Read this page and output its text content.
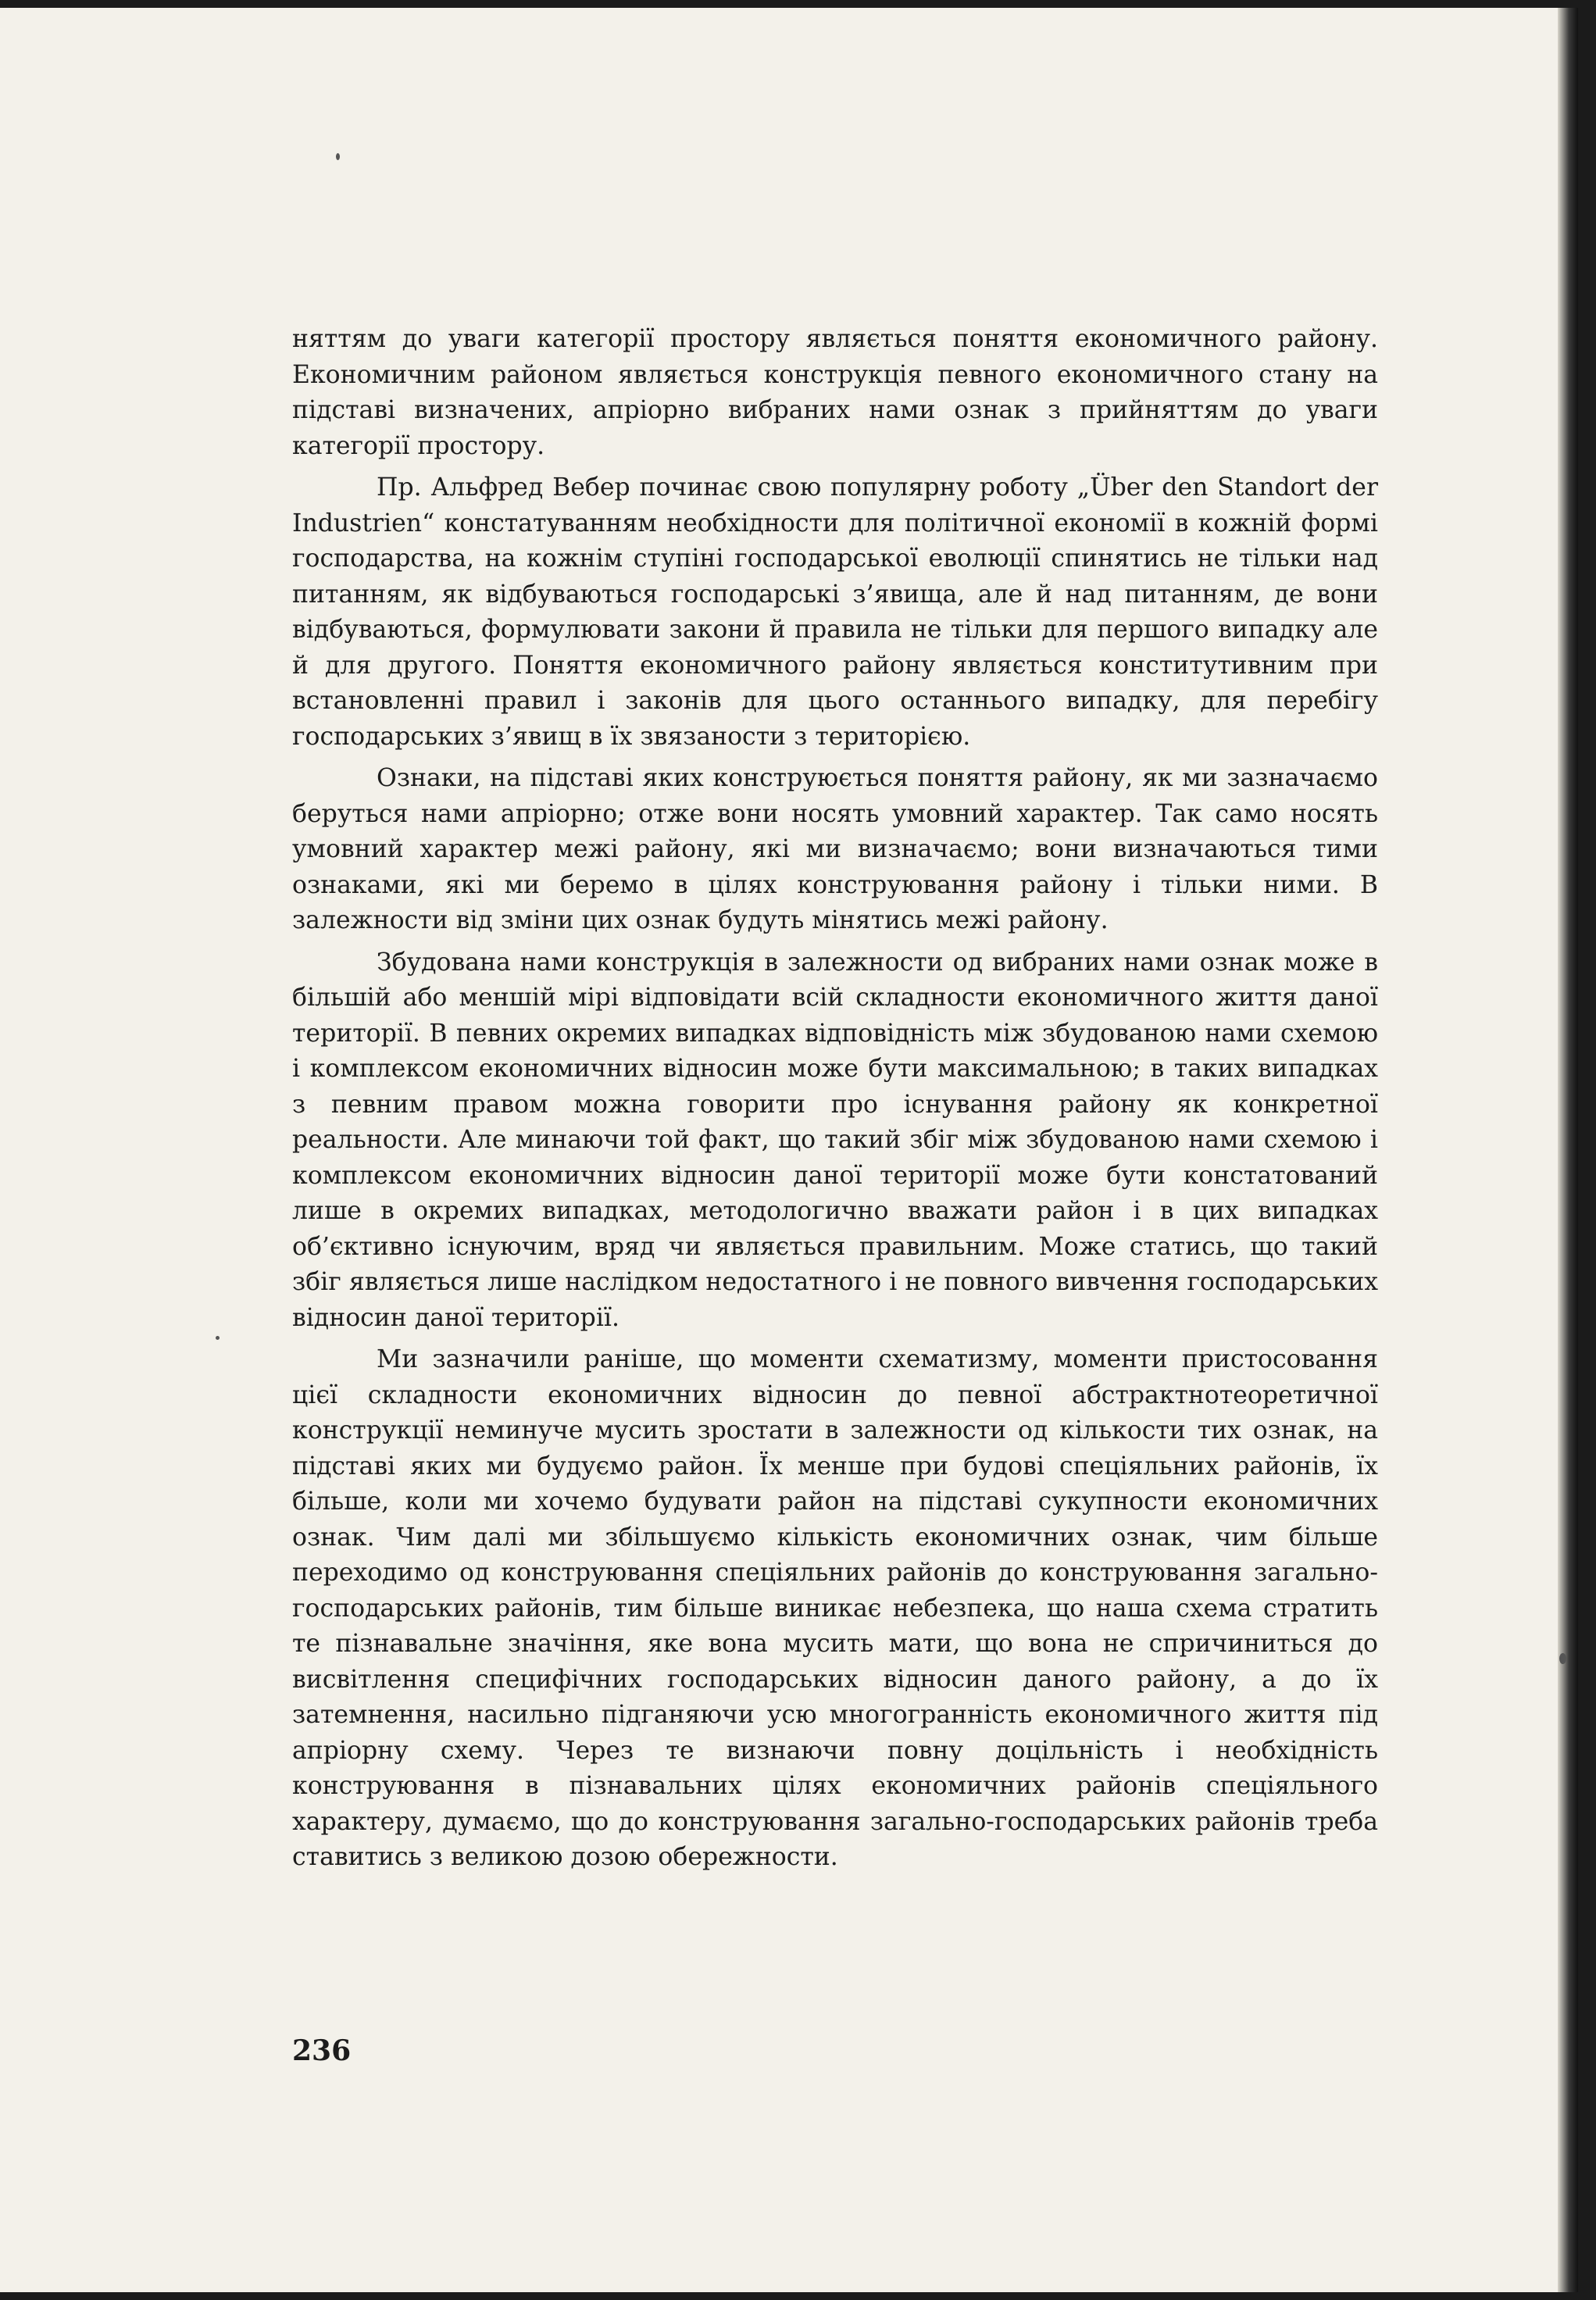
няттям до уваги категорії простору являється поняття економичного району. Економичним районом являється конструкція певного економичного стану на підставі визначених, апріорно вибраних нами ознак з прийняттям до уваги категорії простору.

Пр. Альфред Вебер починає свою популярну роботу „Über den Standort der Industrien“ констатуванням необхідности для політичної економії в кожній формі господарства, на кожнім ступіні господарської еволюції спинятись не тільки над питанням, як відбуваються господарські з’явища, але й над питанням, де вони відбуваються, формулювати закони й правила не тільки для першого випадку але й для другого. Поняття економичного району являється конститутивним при встановленні правил і законів для цього останнього випадку, для перебігу господарських з’явищ в їх звязаности з територією.

Ознаки, на підставі яких конструюється поняття району, як ми зазначаємо беруться нами апріорно; отже вони носять умовний характер. Так само носять умовний характер межі району, які ми визначаємо; вони визначаються тими ознаками, які ми беремо в цілях конструювання району і тільки ними. В залежности від зміни цих ознак будуть мінятись межі району.

Збудована нами конструкція в залежности од вибраних нами ознак може в більшій або меншій мірі відповідати всій складности економичного життя даної території. В певних окремих випадках відповідність між збудованою нами схемою і комплексом економичних відносин може бути максимальною; в таких випадках з певним правом можна говорити про існування району як конкретної реальности. Але минаючи той факт, що такий збіг між збудованою нами схемою і комплексом економичних відносин даної території може бути констатований лише в окремих випадках, методологично вважати район і в цих випадках об’єктивно існуючим, вряд чи являється правильним. Може статись, що такий збіг являється лише наслідком недостатного і не повного вивчення господарських відносин даної території.

Ми зазначили раніше, що моменти схематизму, моменти пристосовання цієї складности економичних відносин до певної абстрактнотеоретичної конструкції неминуче мусить зростати в залежности од кількости тих ознак, на підставі яких ми будуємо район. Їх менше при будові спеціяльних районів, їх більше, коли ми хочемо будувати район на підставі сукупности економичних ознак. Чим далі ми збільшуємо кількість економичних ознак, чим більше переходимо од конструювання спеціяльних районів до конструювання загально-господарських районів, тим більше виникає небезпека, що наша схема стратить те пізнавальне значіння, яке вона мусить мати, що вона не спричиниться до висвітлення специфічних господарських відносин даного району, а до їх затемнення, насильно підганяючи усю многогранність економичного життя під апріорну схему. Через те визнаючи повну доцільність і необхідність конструювання в пізнавальних цілях економичних районів спеціяльного характеру, думаємо, що до конструювання загально-господарських районів треба ставитись з великою дозою обережности.

236
